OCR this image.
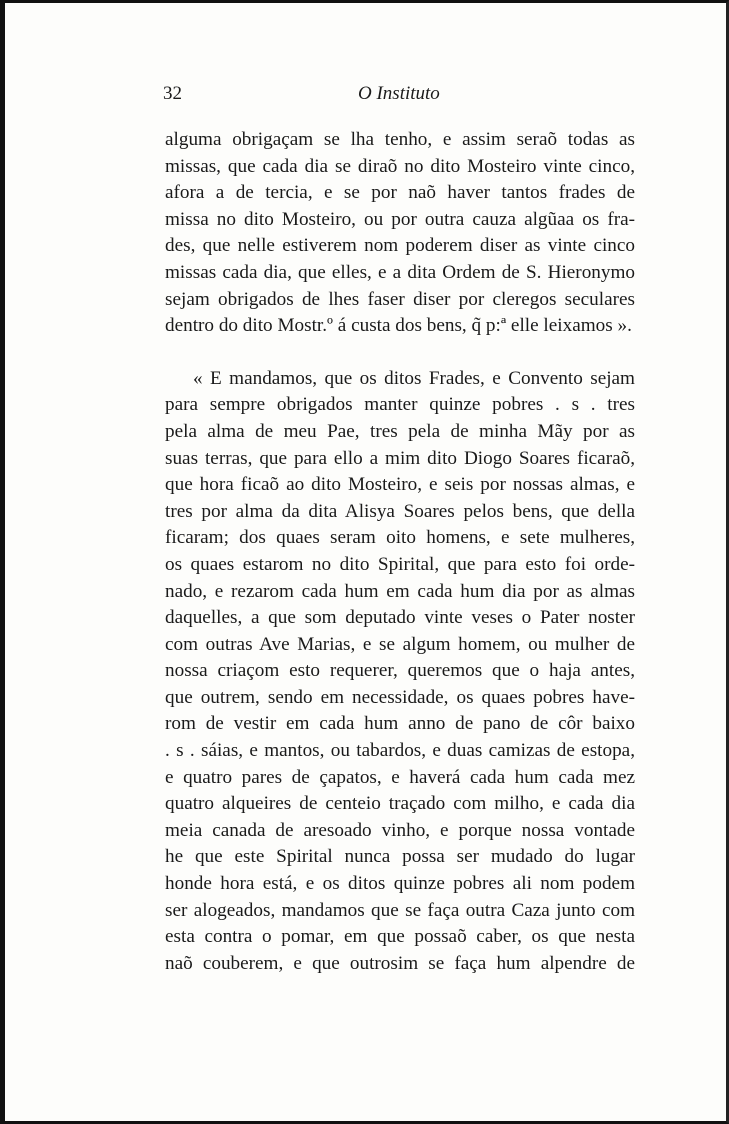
32	O Instituto

alguma obrigaçam se lha tenho, e assim seraõ todas as
missas, que cada dia se diraõ no dito Mosteiro vinte cinco,
afora a de tercia, e se por naõ haver tantos frades de
missa no dito Mosteiro, ou por outra cauza algũaa os fra-
des, que nelle estiverem nom poderem diser as vinte cinco
missas cada dia, que elles, e a dita Ordem de S. Hieronymo
sejam obrigados de lhes faser diser por cleregos seculares
dentro do dito Mostr.º á custa dos bens, q̃ p:ª elle leixamos ».

« E mandamos, que os ditos Frades, e Convento sejam
para sempre obrigados manter quinze pobres . s . tres
pela alma de meu Pae, tres pela de minha Mãy por as
suas terras, que para ello a mim dito Diogo Soares ficaraõ,
que hora ficaõ ao dito Mosteiro, e seis por nossas almas, e
tres por alma da dita Alisya Soares pelos bens, que della
ficaram; dos quaes seram oito homens, e sete mulheres,
os quaes estarom no dito Spirital, que para esto foi orde-
nado, e rezarom cada hum em cada hum dia por as almas
daquelles, a que som deputado vinte veses o Pater noster
com outras Ave Marias, e se algum homem, ou mulher de
nossa criaçom esto requerer, queremos que o haja antes,
que outrem, sendo em necessidade, os quaes pobres have-
rom de vestir em cada hum anno de pano de côr baixo
. s . sáias, e mantos, ou tabardos, e duas camizas de estopa,
e quatro pares de çapatos, e haverá cada hum cada mez
quatro alqueires de centeio traçado com milho, e cada dia
meia canada de aresoado vinho, e porque nossa vontade
he que este Spirital nunca possa ser mudado do lugar
honde hora está, e os ditos quinze pobres ali nom podem
ser alogeados, mandamos que se faça outra Caza junto com
esta contra o pomar, em que possaõ caber, os que nesta
naõ couberem, e que outrosim se faça hum alpendre de
